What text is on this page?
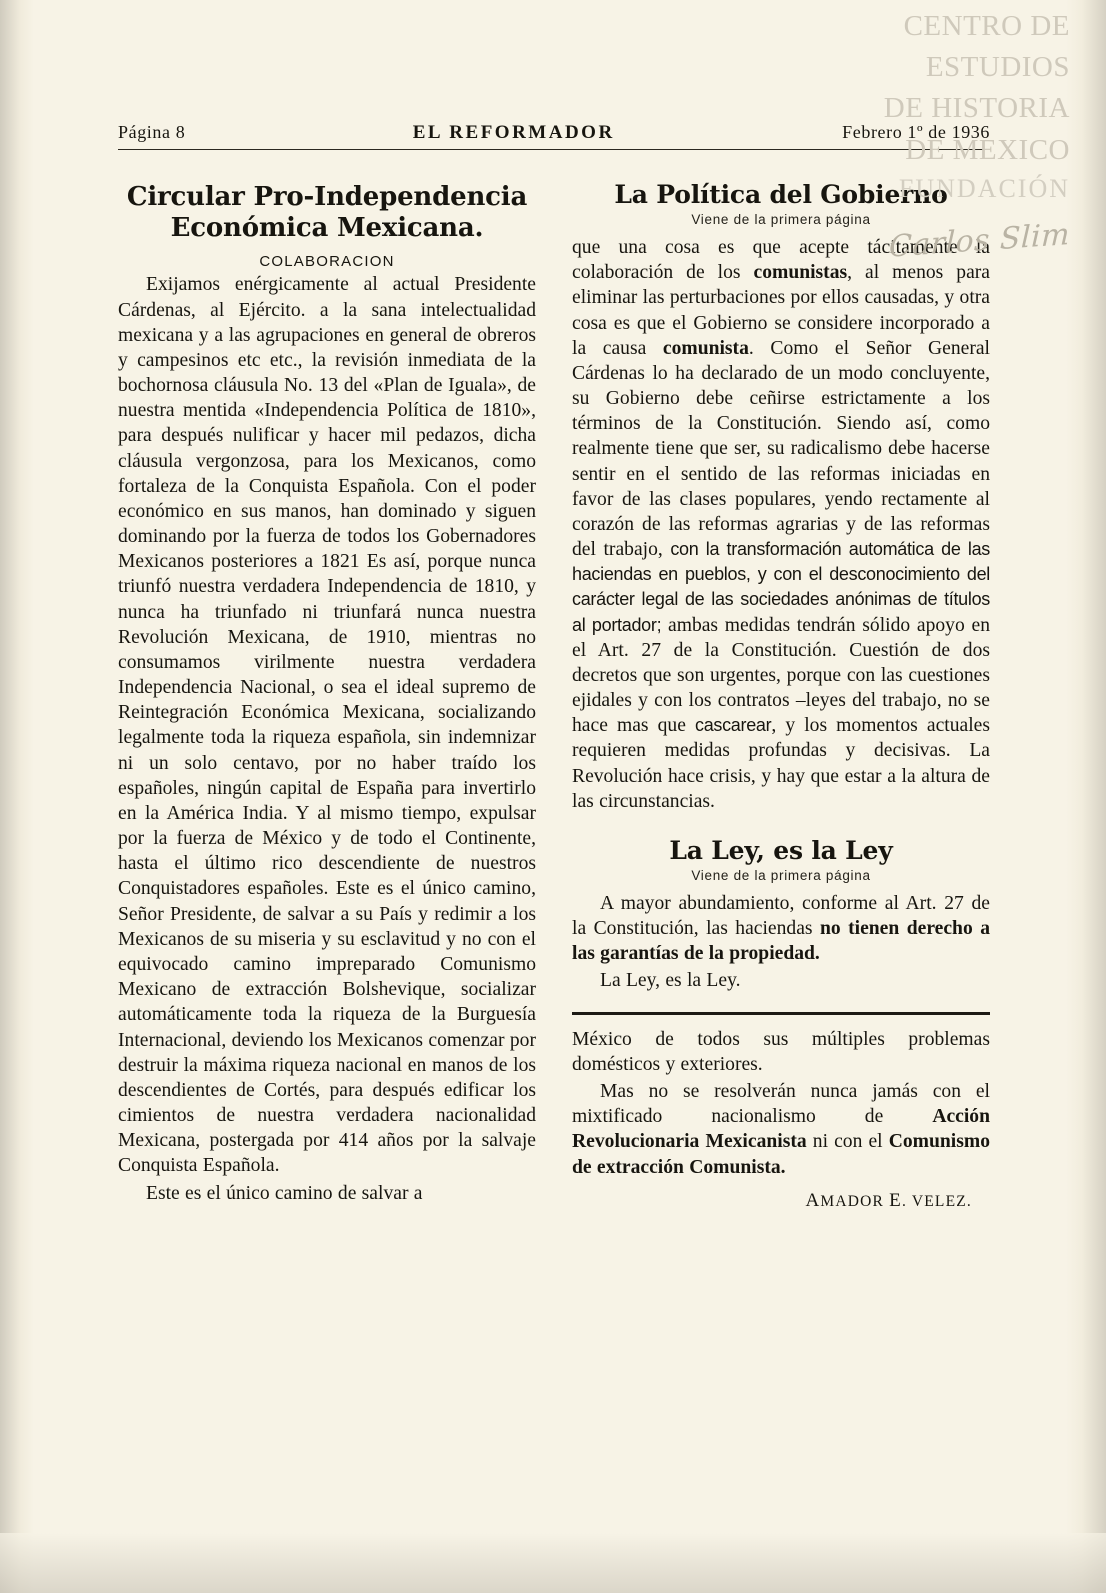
CENTRO DE
ESTUDIOS
DE HISTORIA
DE MEXICO
FUNDACIÓN
Carlos Slim
Página 8	EL REFORMADOR	Febrero 1º de 1936
Circular Pro-Independencia
Económica Mexicana.
COLABORACION

Exijamos enérgicamente al actual Presidente Cárdenas, al Ejército. a la sana intelectualidad mexicana y a las agrupaciones en general de obreros y campesinos etc etc., la revisión inmediata de la bochornosa cláusula No. 13 del «Plan de Iguala», de nuestra mentida «Independencia Política de 1810», para después nulificar y hacer mil pedazos, dicha cláusula vergonzosa, para los Mexicanos, como fortaleza de la Conquista Española. Con el poder económico en sus manos, han dominado y siguen dominando por la fuerza de todos los Gobernadores Mexicanos posteriores a 1821 Es así, porque nunca triunfó nuestra verdadera Independencia de 1810, y nunca ha triunfado ni triunfará nunca nuestra Revolución Mexicana, de 1910, mientras no consumamos virilmente nuestra verdadera Independencia Nacional, o sea el ideal supremo de Reintegración Económica Mexicana, socializando legalmente toda la riqueza española, sin indemnizar ni un solo centavo, por no haber traído los españoles, ningún capital de España para invertirlo en la América India. Y al mismo tiempo, expulsar por la fuerza de México y de todo el Continente, hasta el último rico descendiente de nuestros Conquistadores españoles. Este es el único camino, Señor Presidente, de salvar a su País y redimir a los Mexicanos de su miseria y su esclavitud y no con el equivocado camino impreparado Comunismo Mexicano de extracción Bolshevique, socializar automáticamente toda la riqueza de la Burguesía Internacional, deviendo los Mexicanos comenzar por destruir la máxima riqueza nacional en manos de los descendientes de Cortés, para después edificar los cimientos de nuestra verdadera nacionalidad Mexicana, postergada por 414 años por la salvaje Conquista Española.

Este es el único camino de salvar a

La Política del Gobierno
Viene de la primera página

que una cosa es que acepte tácitamente la colaboración de los comunistas, al menos para eliminar las perturbaciones por ellos causadas, y otra cosa es que el Gobierno se considere incorporado a la causa comunista. Como el Señor General Cárdenas lo ha declarado de un modo concluyente, su Gobierno debe ceñirse estrictamente a los términos de la Constitución. Siendo así, como realmente tiene que ser, su radicalismo debe hacerse sentir en el sentido de las reformas iniciadas en favor de las clases populares, yendo rectamente al corazón de las reformas agrarias y de las reformas del trabajo, con la transformación automática de las haciendas en pueblos, y con el desconocimiento del carácter legal de las sociedades anónimas de títulos al portador; ambas medidas tendrán sólido apoyo en el Art. 27 de la Constitución. Cuestión de dos decretos que son urgentes, porque con las cuestiones ejidales y con los contratos –leyes del trabajo, no se hace mas que cascarear, y los momentos actuales requieren medidas profundas y decisivas. La Revolución hace crisis, y hay que estar a la altura de las circunstancias.

La Ley, es la Ley
Viene de la primera página

A mayor abundamiento, conforme al Art. 27 de la Constitución, las haciendas no tienen derecho a las garantías de la propiedad.

La Ley, es la Ley.

México de todos sus múltiples problemas domésticos y exteriores.

Mas no se resolverán nunca jamás con el mixtificado nacionalismo de Acción Revolucionaria Mexicanista ni con el Comunismo de extracción Comunista.

AMADOR E. VELEZ.
